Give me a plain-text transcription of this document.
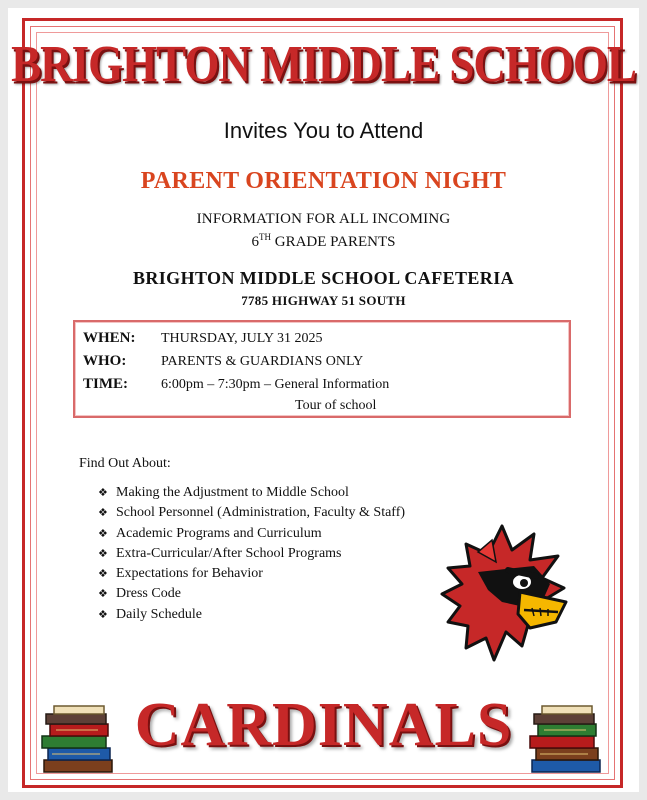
BRIGHTON MIDDLE SCHOOL
Invites You to Attend
PARENT ORIENTATION NIGHT
INFORMATION FOR ALL INCOMING
6TH GRADE PARENTS
BRIGHTON MIDDLE SCHOOL CAFETERIA
7785 HIGHWAY 51 SOUTH
WHEN: THURSDAY, JULY 31 2025
WHO: PARENTS & GUARDIANS ONLY
TIME: 6:00pm – 7:30pm – General Information
Tour of school
Find Out About:
❖ Making the Adjustment to Middle School
❖ School Personnel (Administration, Faculty & Staff)
❖ Academic Programs and Curriculum
❖ Extra-Curricular/After School Programs
❖ Expectations for Behavior
❖ Dress Code
❖ Daily Schedule
CARDINALS
